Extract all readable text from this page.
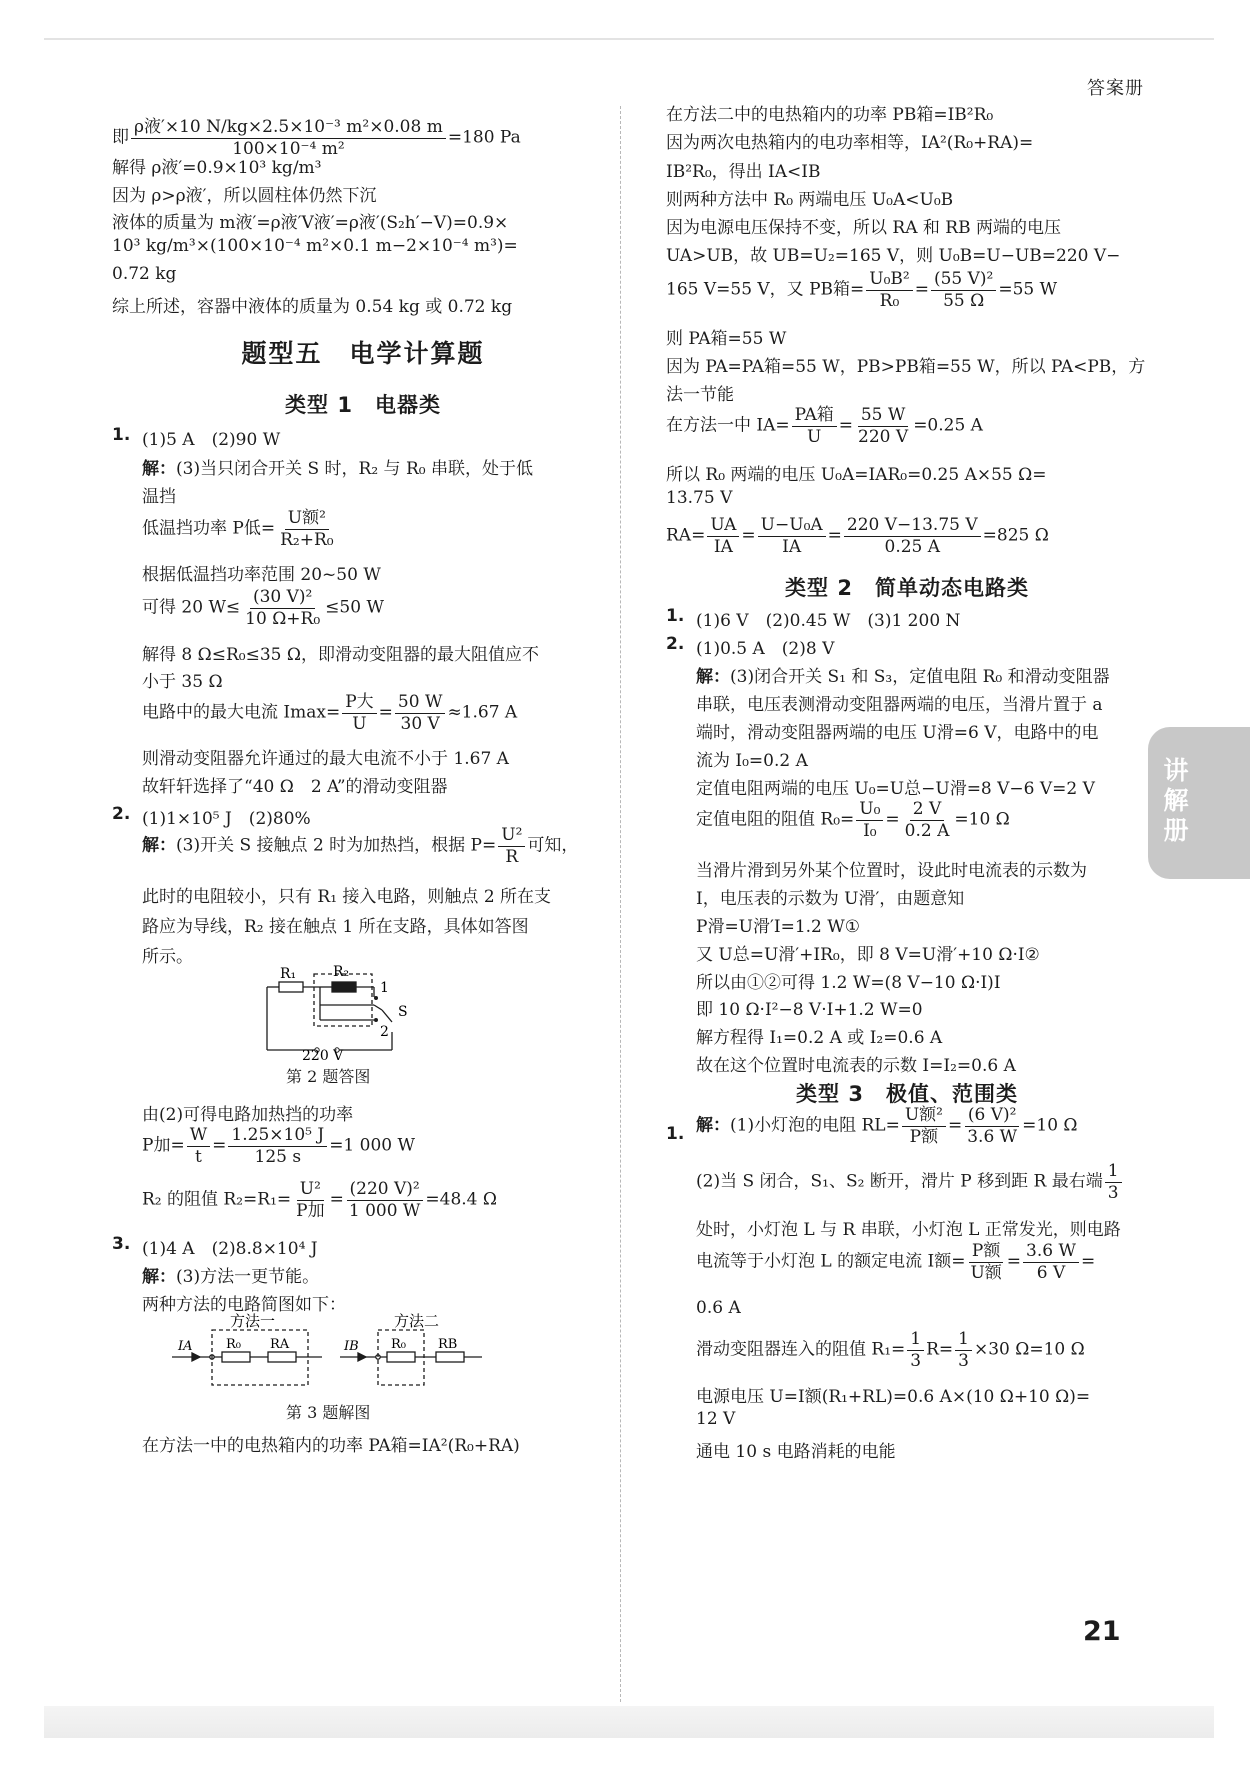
答案册
讲解册
21
即 $\frac{\text{ρ液′×10 N/kg×2.5×10⁻³ m²×0.08 m}}{\text{100×10⁻⁴ m²}} =180$ Pa
解得 ρ液′=0.9×10³ kg/m³
因为 ρ>ρ液′，所以圆柱体仍然下沉
液体的质量为 m液′=ρ液′V液′=ρ液′(S₂h′−V)=0.9×
10³ kg/m³×(100×10⁻⁴ m²×0.1 m−2×10⁻⁴ m³)=
0.72 kg
综上所述，容器中液体的质量为 0.54 kg 或 0.72 kg
题型五　电学计算题
类型 1　电器类
1. (1)5 A　(2)90 W
解：(3)当只闭合开关 S 时，R₂ 与 R₀ 串联，处于低
温挡
低温挡功率 P低= $\frac{\text{U额²}}{\text{R₂+R₀}}$
根据低温挡功率范围 20~50 W
可得 20 $W\le \frac{\text{(30 V)²}}{\text{10 Ω+R₀}} \le 50$ W
解得 8 Ω≤R₀≤35 Ω，即滑动变阻器的最大阻值应不
小于 35 Ω
电路中的最大电流 $Imax= \frac{\text{P大}}{U} = \frac{50 W}{30 V} \approx 1.67$ A
则滑动变阻器允许通过的最大电流不小于 1.67 A
故轩轩选择了“40 Ω　2 A”的滑动变阻器
2. (1)1×10⁵ J　(2)80%
解：(3)开关 S 接触点 2 时为加热挡，根据 $P= \frac{\text{U²}}{R}$ 可知，
此时的电阻较小，只有 R₁ 接入电路，则触点 2 所在支
路应为导线，R₂ 接在触点 1 所在支路，具体如答图
所示。
R₁	R₂
1
S
2
220 V
第 2 题答图
由(2)可得电路加热挡的功率
P加= $\frac{W}{t} = \frac{\text{1.25×10⁵ J}}{125 s} =1$ 000 W
R₂ 的阻值 $R_2=R_1= \frac{\text{U²}}{\text{P加}} = \frac{\text{(220 V)²}}{1 000 W} =48.4$ Ω
3. (1)4 A　(2)8.8×10⁴ J
解：(3)方法一更节能。
两种方法的电路简图如下：
方法一	方法二
IA	IB
R₀ RA	R₀ RB
第 3 题解图
在方法一中的电热箱内的功率 PA箱=IA²(R₀+RA)
在方法二中的电热箱内的功率 PB箱=IB²R₀
因为两次电热箱内的电功率相等，IA²(R₀+RA)=
IB²R₀，得出 IA<IB
则两种方法中 R₀ 两端电压 U₀A<U₀B
因为电源电压保持不变，所以 RA 和 RB 两端的电压
UA>UB，故 UB=U₂=165 V，则 U₀B=U−UB=220 V−
165 V=55 V，又 PB箱= $\frac{\text{U₀B²}}{\text{R₀}} = \frac{\text{(55 V)²}}{55 \Omega} =55$ W
则 PA箱=55 W
因为 PA=PA箱=55 W，PB>PB箱=55 W，所以 PA<PB，方
法一节能
在方法一中 $IA= \frac{\text{PA箱}}{U} = \frac{55 W}{220 V} =0.25$ A
所以 R₀ 两端的电压 U₀A=IAR₀=0.25 A×55 Ω=
13.75 V
$RA= \frac{UA}{IA} = \frac{\text{U−U₀A}}{IA} = \frac{220 V-13.75 V}{0.25 A} =825$ Ω
类型 2　简单动态电路类
1. (1)6 V　(2)0.45 W　(3)1 200 N
2. (1)0.5 A　(2)8 V
解：(3)闭合开关 S₁ 和 S₃，定值电阻 R₀ 和滑动变阻器
串联，电压表测滑动变阻器两端的电压，当滑片置于 a
端时，滑动变阻器两端的电压 U滑=6 V，电路中的电
流为 I₀=0.2 A
定值电阻两端的电压 U₀=U总−U滑=8 V−6 V=2 V
定值电阻的阻值 $R_0= \frac{\text{U₀}}{\text{I₀}} = \frac{2 V}{0.2 A} =10$ Ω
当滑片滑到另外某个位置时，设此时电流表的示数为
I，电压表的示数为 U滑′，由题意知
P滑=U滑′I=1.2 W①
又 U总=U滑′+IR₀，即 8 V=U滑′+10 Ω·I②
所以由①②可得 1.2 W=(8 V−10 Ω·I)I
即 10 Ω·I²−8 V·I+1.2 W=0
解方程得 I₁=0.2 A 或 I₂=0.6 A
故在这个位置时电流表的示数 I=I₂=0.6 A
类型 3　极值、范围类
1. 解：(1)小灯泡的电阻 $RL= \frac{\text{U额²}}{\text{P额}} = \frac{\text{(6 V)²}}{3.6 W} =10$ Ω
(2)当 S 闭合，S₁、S₂ 断开，滑片 P 移到距 R 最右端 $\frac{1}{3}$
处时，小灯泡 L 与 R 串联，小灯泡 L 正常发光，则电路
电流等于小灯泡 L 的额定电流 I额= $\frac{\text{P额}}{\text{U额}} = \frac{3.6 W}{6 V}$ =
0.6 A
滑动变阻器连入的阻值 $R_1= \frac{1}{3} R= \frac{1}{3} \times 30$ Ω=10 Ω
电源电压 U=I额(R₁+RL)=0.6 A×(10 Ω+10 Ω)=
12 V
通电 10 s 电路消耗的电能
